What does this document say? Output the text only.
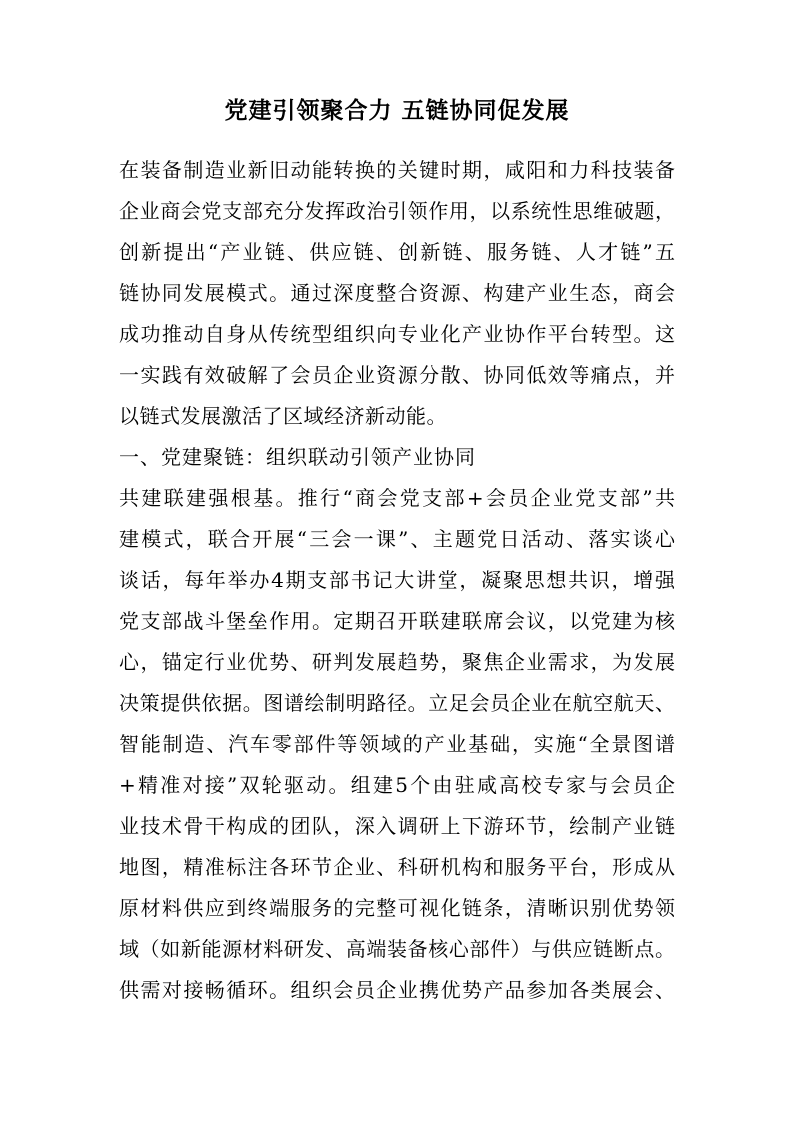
党建引领聚合力 五链协同促发展
在装备制造业新旧动能转换的关键时期，咸阳和力科技装备
企业商会党支部充分发挥政治引领作用，以系统性思维破题，
创新提出“产业链、供应链、创新链、服务链、人才链”五
链协同发展模式。通过深度整合资源、构建产业生态，商会
成功推动自身从传统型组织向专业化产业协作平台转型。这
一实践有效破解了会员企业资源分散、协同低效等痛点，并
以链式发展激活了区域经济新动能。
一、党建聚链：组织联动引领产业协同
共建联建强根基。推行“商会党支部+会员企业党支部”共
建模式，联合开展“三会一课”、主题党日活动、落实谈心
谈话，每年举办4期支部书记大讲堂，凝聚思想共识，增强
党支部战斗堡垒作用。定期召开联建联席会议，以党建为核
心，锚定行业优势、研判发展趋势，聚焦企业需求，为发展
决策提供依据。图谱绘制明路径。立足会员企业在航空航天、
智能制造、汽车零部件等领域的产业基础，实施“全景图谱
+精准对接”双轮驱动。组建5个由驻咸高校专家与会员企
业技术骨干构成的团队，深入调研上下游环节，绘制产业链
地图，精准标注各环节企业、科研机构和服务平台，形成从
原材料供应到终端服务的完整可视化链条，清晰识别优势领
域（如新能源材料研发、高端装备核心部件）与供应链断点。
供需对接畅循环。组织会员企业携优势产品参加各类展会、
